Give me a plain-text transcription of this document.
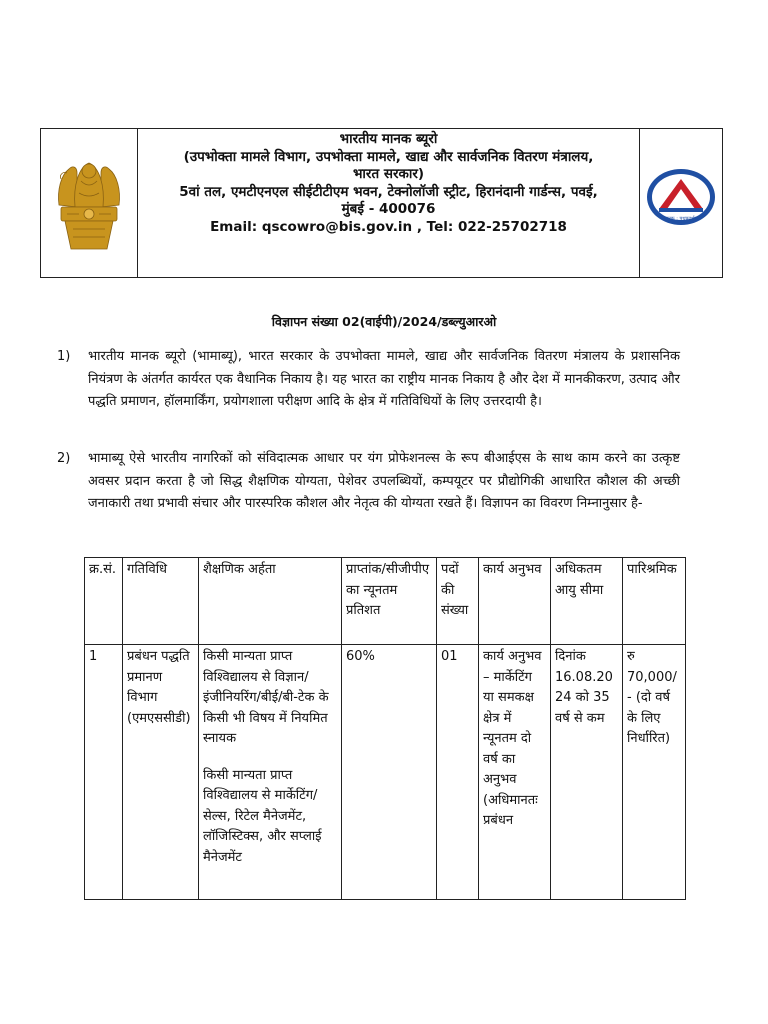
भारतीय मानक ब्यूरो
(उपभोक्ता मामले विभाग, उपभोक्ता मामले, खाद्य और सार्वजनिक वितरण मंत्रालय,
भारत सरकार)
5वां तल, एमटीएनएल सीईटीटीएम भवन, टेक्नोलॉजी स्ट्रीट, हिरानंदानी गार्डन्स, पवई,
मुंबई - 400076
Email: qscowro@bis.gov.in , Tel: 022-25702718	मानक : पथप्रदर्शक
विज्ञापन संख्या 02(वाईपी)/2024/डब्ल्युआरओ
1) भारतीय मानक ब्यूरो (भामाब्यू), भारत सरकार के उपभोक्ता मामले, खाद्य और सार्वजनिक वितरण मंत्रालय के प्रशासनिक नियंत्रण के अंतर्गत कार्यरत एक वैधानिक निकाय है। यह भारत का राष्ट्रीय मानक निकाय है और देश में मानकीकरण, उत्पाद और पद्धति प्रमाणन, हॉलमार्किंग, प्रयोगशाला परीक्षण आदि के क्षेत्र में गतिविधियों के लिए उत्तरदायी है।
2) भामाब्यू ऐसे भारतीय नागरिकों को संविदात्मक आधार पर यंग प्रोफेशनल्स के रूप बीआईएस के साथ काम करने का उत्कृष्ट अवसर प्रदान करता है जो सिद्ध शैक्षणिक योग्यता, पेशेवर उपलब्धियों, कम्पयूटर पर प्रौद्योगिकी आधारित कौशल की अच्छी जनाकारी तथा प्रभावी संचार और पारस्परिक कौशल और नेतृत्व की योग्यता रखते हैं। विज्ञापन का विवरण निम्नानुसार है-
क्र.सं.	गतिविधि	शैक्षणिक अर्हता	प्राप्तांक/सीजीपीए का न्यूनतम प्रतिशत	पदों की संख्या	कार्य अनुभव	अधिकतम आयु सीमा	पारिश्रमिक
1	प्रबंधन पद्धति प्रमानण विभाग (एमएससीडी)	किसी मान्यता प्राप्त विश्विद्यालय से विज्ञान/इंजीनियरिंग/बीई/बी-टेक के किसी भी विषय में नियमित स्नायक
किसी मान्यता प्राप्त विश्विद्यालय से मार्केटिंग/सेल्स, रिटेल मैनेजमेंट, लॉजिस्टिक्स, और सप्लाई मैनेजमेंट	60%	01	कार्य अनुभव – मार्केटिंग या समकक्ष क्षेत्र में न्यूनतम दो वर्ष का अनुभव (अधिमानतः प्रबंधन	दिनांक 16.08.2024 को 35 वर्ष से कम	रु 70,000/- (दो वर्ष के लिए निर्धारित)
